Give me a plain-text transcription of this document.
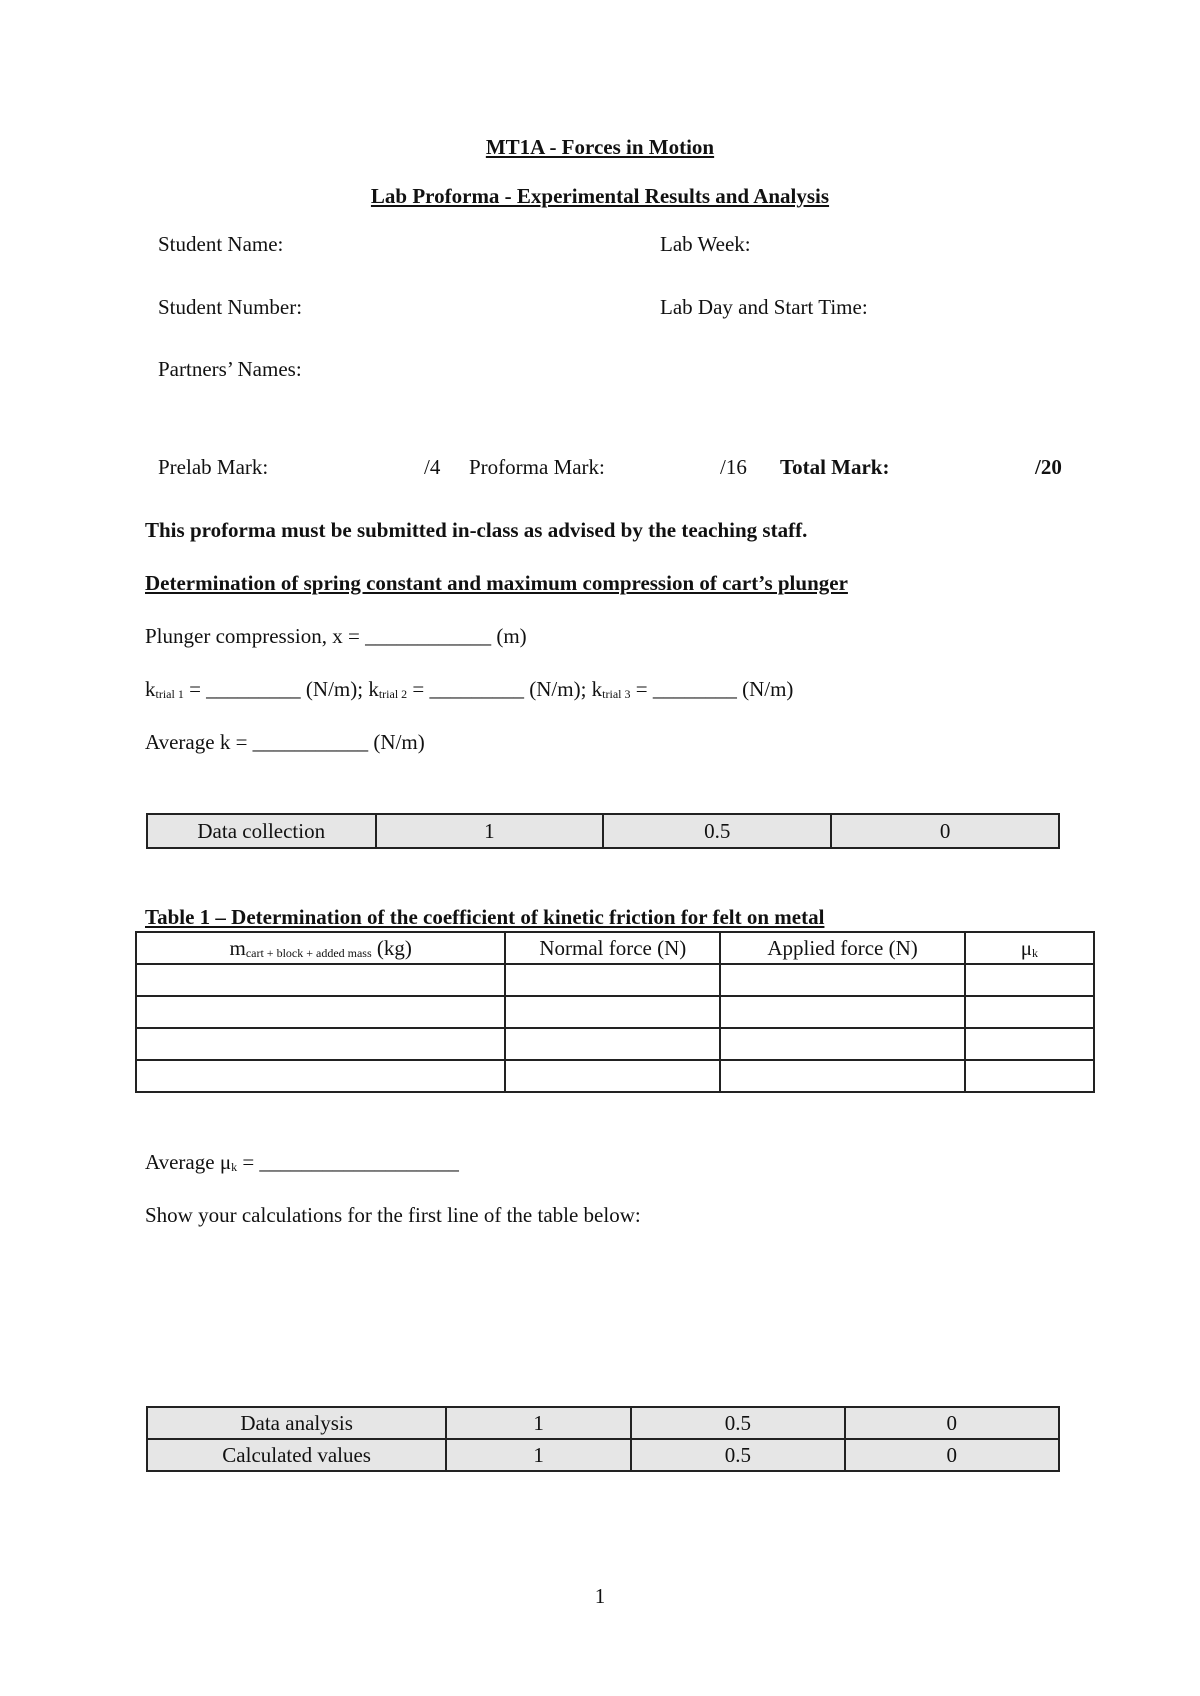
MT1A - Forces in Motion
Lab Proforma - Experimental Results and Analysis
Student Name:	Lab Week:
Student Number:	Lab Day and Start Time:
Partners’ Names:
Prelab Mark:	/4 Proforma Mark:	/16 Total Mark:	/20
This proforma must be submitted in-class as advised by the teaching staff.
Determination of spring constant and maximum compression of cart’s plunger
Plunger compression, x = ____________ (m)
$k_{trial 1}$ = _________ (N/m); $k_{trial 2}$ = _________ (N/m); $k_{trial 3}$ = ________ (N/m)
Average k = ___________ (N/m)
Data collection	1	0.5	0
Table 1 – Determination of the coefficient of kinetic friction for felt on metal
$m_{cart + block + added mass}$ (kg)	Normal force (N)	Applied force (N)	$\mu_k$

Average $\mu_k$ = ___________________
Show your calculations for the first line of the table below:
Data analysis	1	0.5	0
Calculated values	1	0.5	0
1
